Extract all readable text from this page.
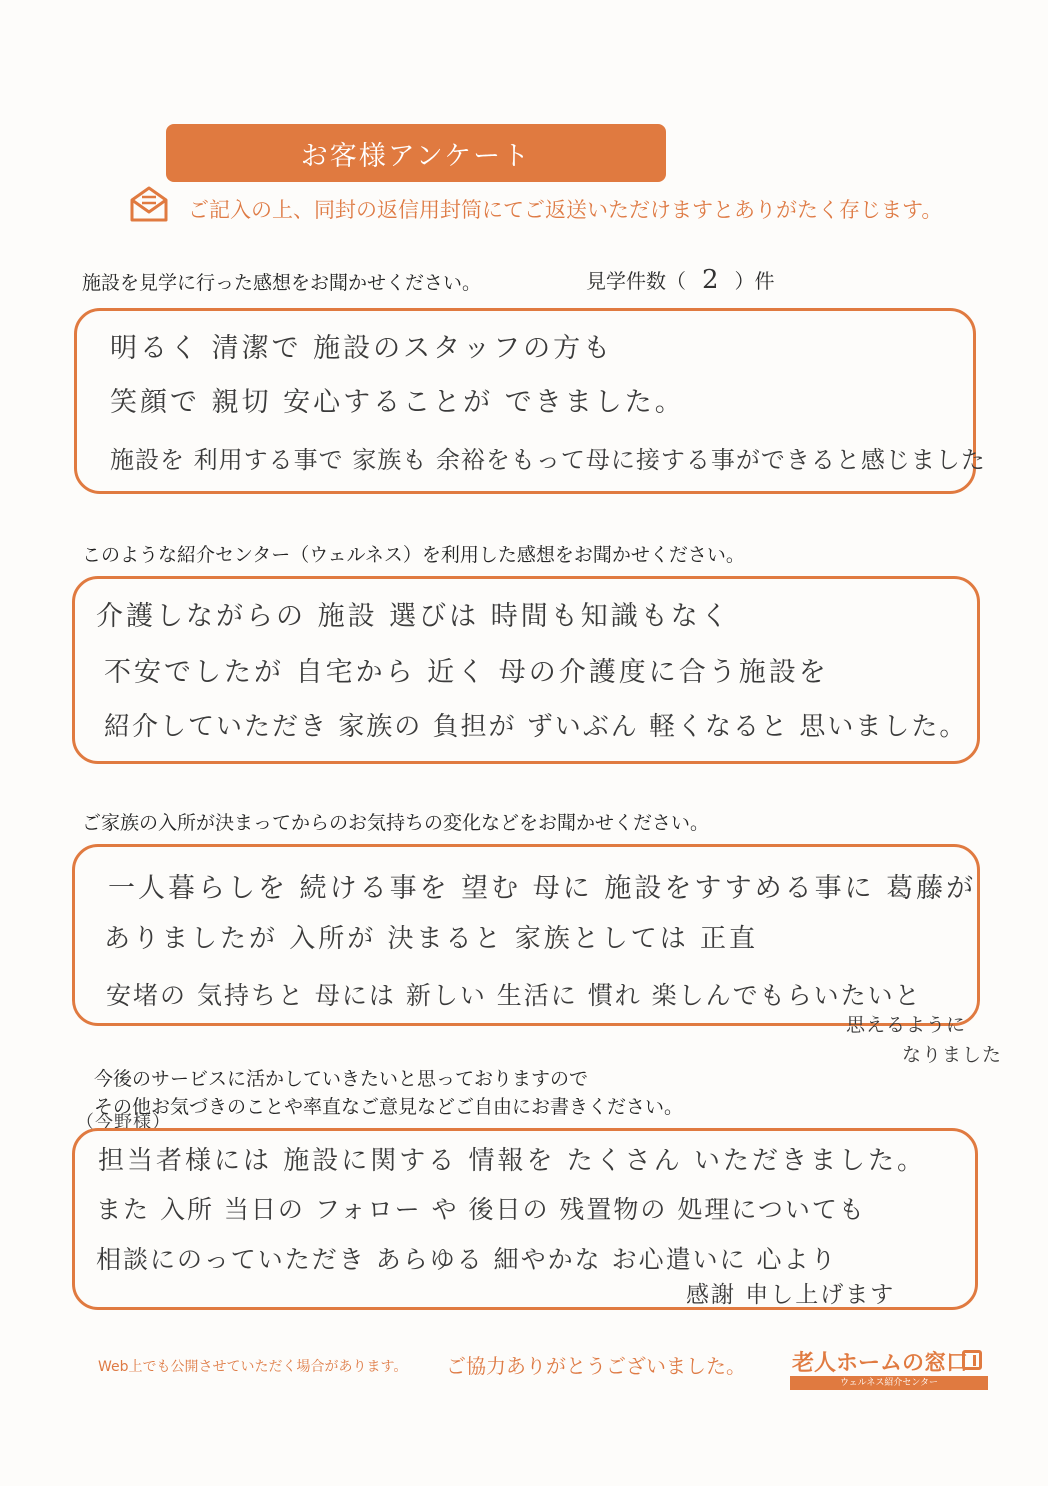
お客様アンケート
ご記入の上、同封の返信用封筒にてご返送いただけますとありがたく存じます。
施設を見学に行った感想をお聞かせください。	見学件数（ 2 ）件
明るく 清潔で 施設のスタッフの方も
笑顔で 親切 安心することが できました。
施設を 利用する事で 家族も 余裕をもって母に接する事ができると感じました
このような紹介センター（ウェルネス）を利用した感想をお聞かせください。
介護しながらの 施設 選びは 時間も知識もなく
不安でしたが 自宅から 近く 母の介護度に合う施設を
紹介していただき 家族の 負担が ずいぶん 軽くなると 思いました。
ご家族の入所が決まってからのお気持ちの変化などをお聞かせください。
一人暮らしを 続ける事を 望む 母に 施設をすすめる事に 葛藤が
ありましたが 入所が 決まると 家族としては 正直
安堵の 気持ちと 母には 新しい 生活に 慣れ 楽しんでもらいたいと
思えるように
なりました
今後のサービスに活かしていきたいと思っておりますので
その他お気づきのことや率直なご意見などご自由にお書きください。
（今野様）
担当者様には 施設に関する 情報を たくさん いただきました。
また 入所 当日の フォロー や 後日の 残置物の 処理についても
相談にのっていただき あらゆる 細やかな お心遣いに 心より
感謝 申し上げます
Web上でも公開させていただく場合があります。 ご協力ありがとうございました。 老人ホームの窓口
ウェルネス紹介センター
